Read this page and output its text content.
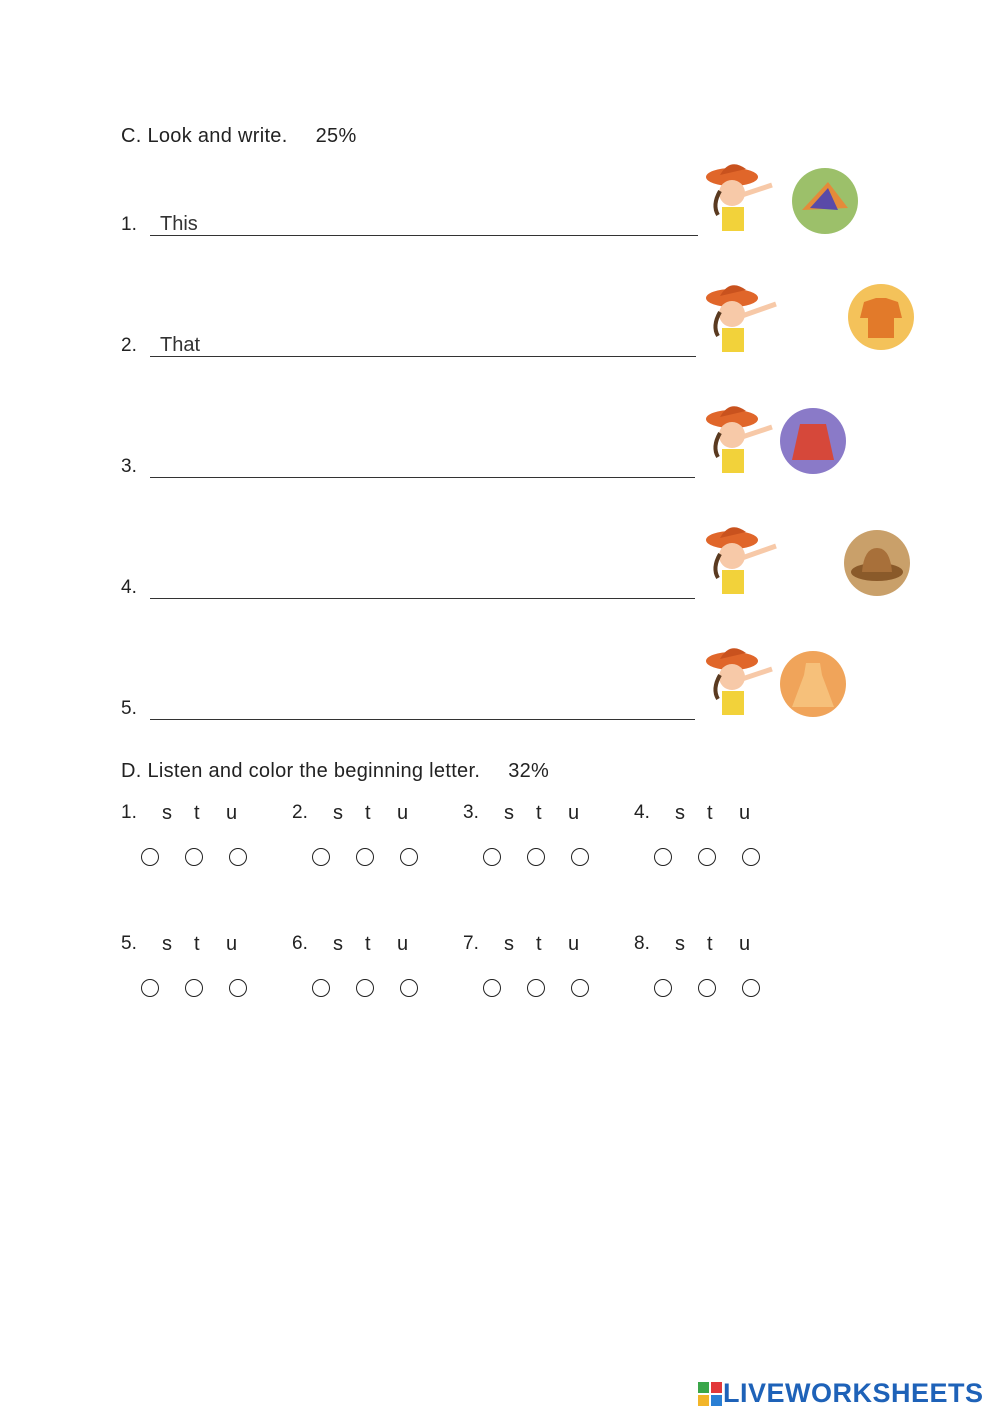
C. Look and write. 25%
1. This
2. That
3.
4.
5.
D. Listen and color the beginning letter. 32%
1. s t u	2. s t u	3. s t u	4. s t u
5. s t u	6. s t u	7. s t u	8. s t u
LIVEWORKSHEETS
